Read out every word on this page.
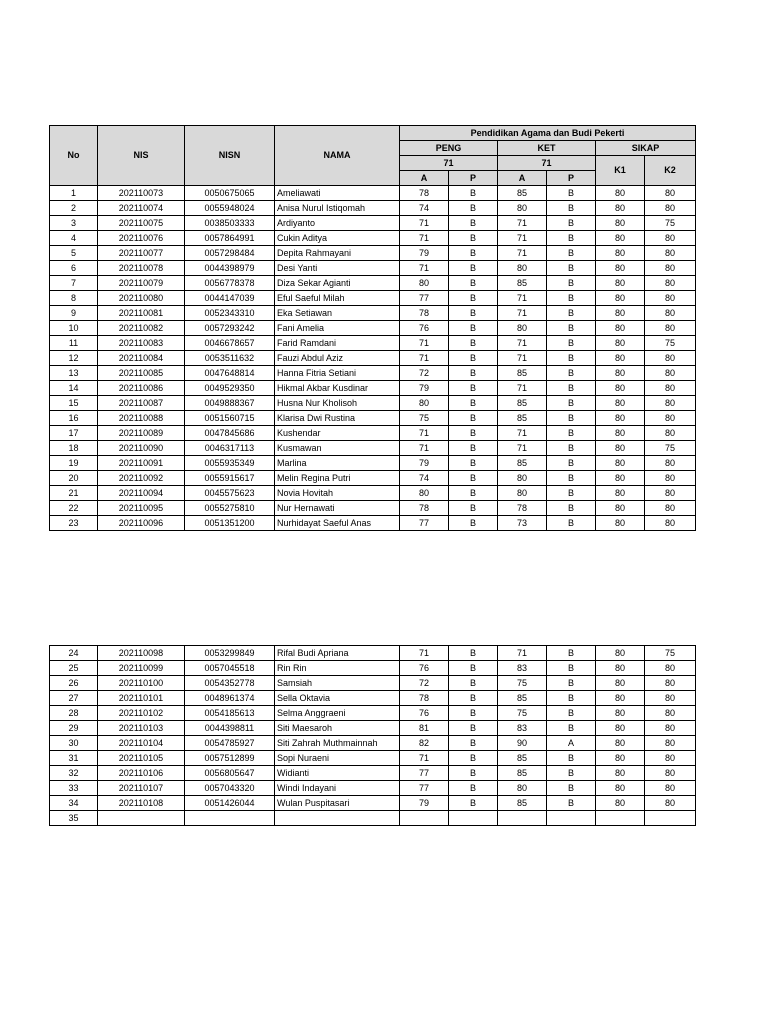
No	NIS	NISN	NAMA	Pendidikan Agama dan Budi Pekerti					
				PENG		KET		SIKAP	
				71		71		K1	K2
				A	P	A	P		
1	202110073	0050675065	Ameliawati	78	B	85	B	80	80
2	202110074	0055948024	Anisa Nurul Istiqomah	74	B	80	B	80	80
3	202110075	0038503333	Ardiyanto	71	B	71	B	80	75
4	202110076	0057864991	Cukin Aditya	71	B	71	B	80	80
5	202110077	0057298484	Depita Rahmayani	79	B	71	B	80	80
6	202110078	0044398979	Desi Yanti	71	B	80	B	80	80
7	202110079	0056778378	Diza Sekar Agianti	80	B	85	B	80	80
8	202110080	0044147039	Eful Saeful Milah	77	B	71	B	80	80
9	202110081	0052343310	Eka Setiawan	78	B	71	B	80	80
10	202110082	0057293242	Fani Amelia	76	B	80	B	80	80
11	202110083	0046678657	Farid Ramdani	71	B	71	B	80	75
12	202110084	0053511632	Fauzi Abdul Aziz	71	B	71	B	80	80
13	202110085	0047648814	Hanna Fitria Setiani	72	B	85	B	80	80
14	202110086	0049529350	Hikmal Akbar Kusdinar	79	B	71	B	80	80
15	202110087	0049888367	Husna Nur Kholisoh	80	B	85	B	80	80
16	202110088	0051560715	Klarisa Dwi Rustina	75	B	85	B	80	80
17	202110089	0047845686	Kushendar	71	B	71	B	80	80
18	202110090	0046317113	Kusmawan	71	B	71	B	80	75
19	202110091	0055935349	Marlina	79	B	85	B	80	80
20	202110092	0055915617	Melin Regina Putri	74	B	80	B	80	80
21	202110094	0045575623	Novia Hovitah	80	B	80	B	80	80
22	202110095	0055275810	Nur Hernawati	78	B	78	B	80	80
23	202110096	0051351200	Nurhidayat Saeful Anas	77	B	73	B	80	80
24	202110098	0053299849	Rifal Budi Apriana	71	B	71	B	80	75
25	202110099	0057045518	Rin Rin	76	B	83	B	80	80
26	202110100	0054352778	Samsiah	72	B	75	B	80	80
27	202110101	0048961374	Sella Oktavia	78	B	85	B	80	80
28	202110102	0054185613	Selma Anggraeni	76	B	75	B	80	80
29	202110103	0044398811	Siti Maesaroh	81	B	83	B	80	80
30	202110104	0054785927	Siti Zahrah Muthmainnah	82	B	90	A	80	80
31	202110105	0057512899	Sopi Nuraeni	71	B	85	B	80	80
32	202110106	0056805647	Widianti	77	B	85	B	80	80
33	202110107	0057043320	Windi Indayani	77	B	80	B	80	80
34	202110108	0051426044	Wulan Puspitasari	79	B	85	B	80	80
35									
